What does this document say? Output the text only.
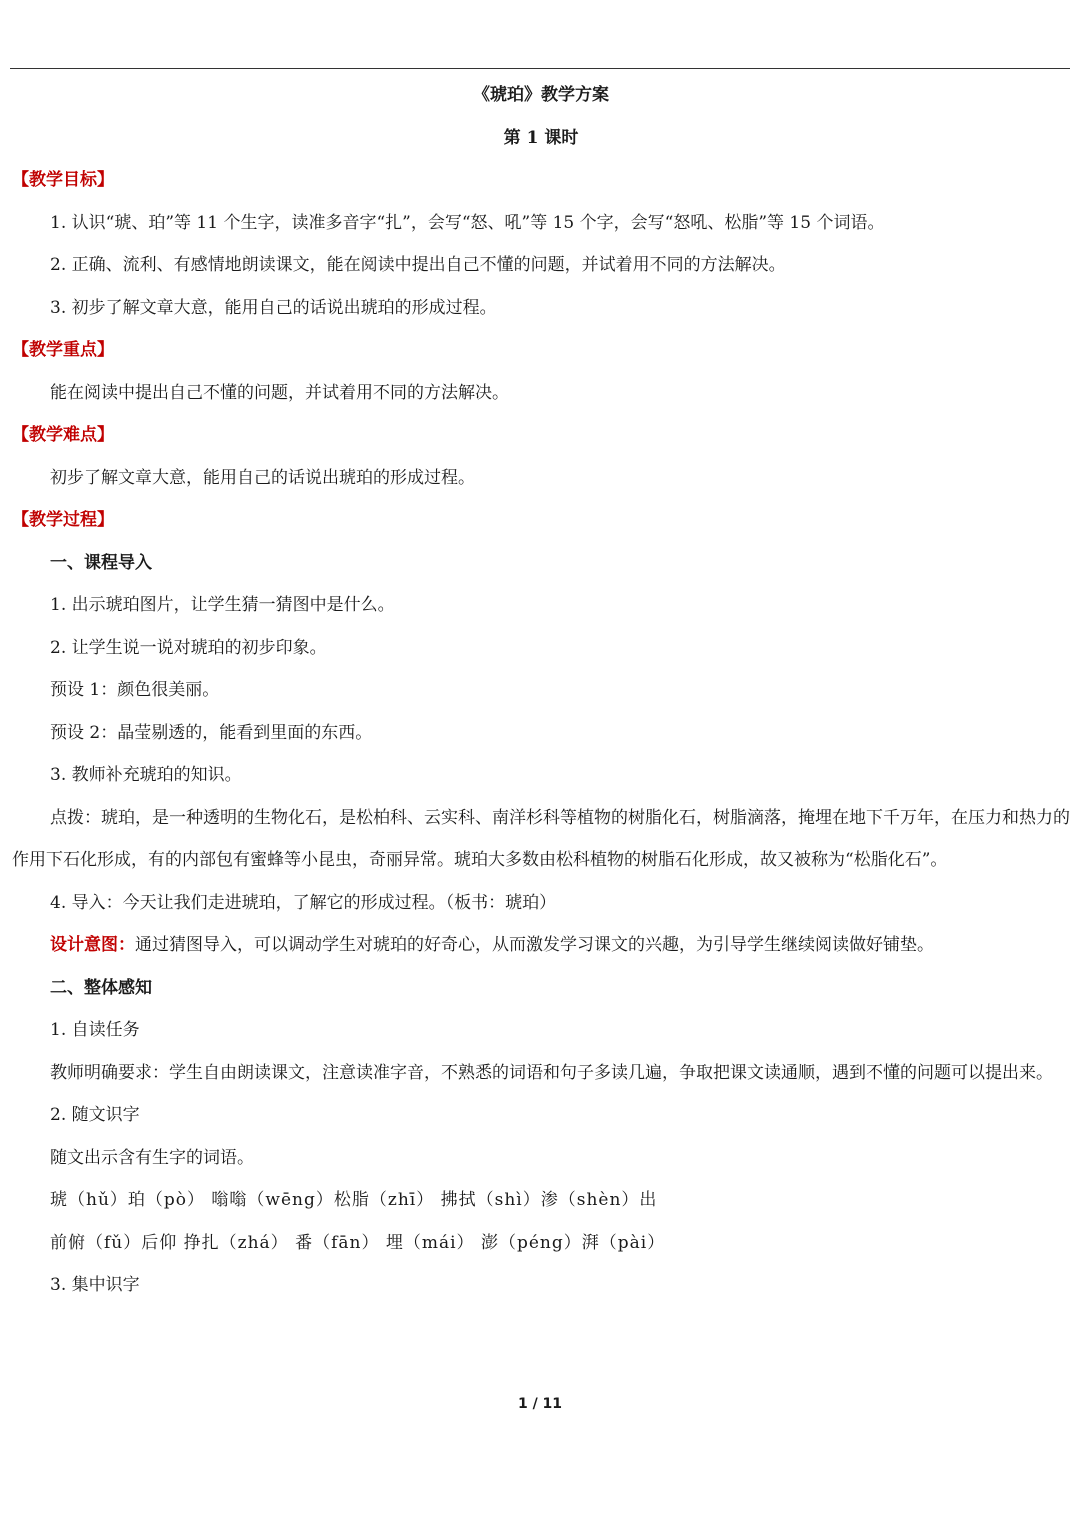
《琥珀》教学方案

第 1 课时

【教学目标】

1. 认识“琥、珀”等 11 个生字，读准多音字“扎”，会写“怒、吼”等 15 个字，会写“怒吼、松脂”等 15 个词语。

2. 正确、流利、有感情地朗读课文，能在阅读中提出自己不懂的问题，并试着用不同的方法解决。

3. 初步了解文章大意，能用自己的话说出琥珀的形成过程。

【教学重点】

能在阅读中提出自己不懂的问题，并试着用不同的方法解决。

【教学难点】

初步了解文章大意，能用自己的话说出琥珀的形成过程。

【教学过程】

一、课程导入

1. 出示琥珀图片，让学生猜一猜图中是什么。

2. 让学生说一说对琥珀的初步印象。

预设 1：颜色很美丽。

预设 2：晶莹剔透的，能看到里面的东西。

3. 教师补充琥珀的知识。

点拨：琥珀，是一种透明的生物化石，是松柏科、云实科、南洋杉科等植物的树脂化石，树脂滴落，掩埋在地下千万年，在压力和热力的作用下石化形成，有的内部包有蜜蜂等小昆虫，奇丽异常。琥珀大多数由松科植物的树脂石化形成，故又被称为“松脂化石”。

4. 导入：今天让我们走进琥珀，了解它的形成过程。（板书：琥珀）

设计意图：通过猜图导入，可以调动学生对琥珀的好奇心，从而激发学习课文的兴趣，为引导学生继续阅读做好铺垫。

二、整体感知

1. 自读任务

教师明确要求：学生自由朗读课文，注意读准字音，不熟悉的词语和句子多读几遍，争取把课文读通顺，遇到不懂的问题可以提出来。

2. 随文识字

随文出示含有生字的词语。

琥（hǔ）珀（pò） 嗡嗡（wēng）松脂（zhī） 拂拭（shì）渗（shèn）出

前俯（fǔ）后仰 挣扎（zhá） 番（fān） 埋（mái） 澎（péng）湃（pài）

3. 集中识字

1 / 11
